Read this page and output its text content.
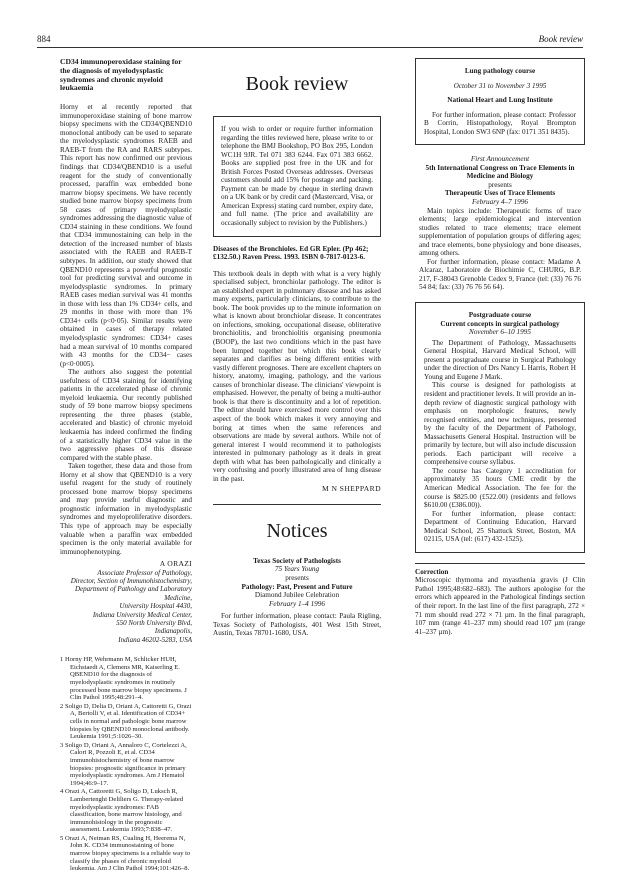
884	Book review
CD34 immunoperoxidase staining for the diagnosis of myelodysplastic syndromes and chronic myeloid leukaemia

Horny et al recently reported that immunoperoxidase staining of bone marrow biopsy specimens with the CD34/QBEND10 monoclonal antibody can be used to separate the myelodysplastic syndromes RAEB and RAEB-T from the RA and RARS subtypes. This report has now confirmed our previous findings that CD34/QBEND10 is a useful reagent for the study of conventionally processed, paraffin wax embedded bone marrow biopsy specimens. We have recently studied bone marrow biopsy specimens from 58 cases of primary myelodysplastic syndromes addressing the diagnostic value of CD34 staining in these conditions. We found that CD34 immunostaining can help in the detection of the increased number of blasts associated with the RAEB and RAEB-T subtypes. In addition, our study showed that QBEND10 represents a powerful prognostic tool for predicting survival and outcome in myelodysplastic syndromes. In primary RAEB cases median survival was 41 months in those with less than 1% CD34+ cells, and 29 months in those with more than 1% CD34+ cells (p<0·05). Similar results were obtained in cases of therapy related myelodysplastic syndromes: CD34+ cases had a mean survival of 10 months compared with 43 months for the CD34− cases (p<0·0005).

The authors also suggest the potential usefulness of CD34 staining for identifying patients in the accelerated phase of chronic myeloid leukaemia. Our recently published study of 59 bone marrow biopsy specimens representing the three phases (stable, accelerated and blastic) of chronic myeloid leukaemia has indeed confirmed the finding of a statistically higher CD34 value in the two aggressive phases of this disease compared with the stable phase.

Taken together, these data and those from Horny et al show that QBEND10 is a very useful reagent for the study of routinely processed bone marrow biopsy specimens and may provide useful diagnostic and prognostic information in myelodysplastic syndromes and myeloproliferative disorders. This type of approach may be especially valuable when a paraffin wax embedded specimen is the only material available for immunophenotyping.

A ORAZI
Associate Professor of Pathology,
Director, Section of Immunohistochemistry,
Department of Pathology and Laboratory Medicine,
University Hospital 4430,
Indiana University Medical Center,
550 North University Blvd,
Indianapolis,
Indiana 46202-5283, USA
1 Horny HP, Wehrmann M, Schlicker HUH, Eichstaedt A, Clemens MR, Kaiserling E. QBEND10 for the diagnosis of myelodysplastic syndromes in routinely processed bone marrow biopsy specimens. J Clin Pathol 1995;48:291–4.
2 Soligo D, Delia D, Oriani A, Cattoretti G, Orazi A, Bertolli V, et al. Identification of CD34+ cells in normal and pathologic bone marrow biopsies by QBEND10 monoclonal antibody. Leukemia 1991;5:1026–30.
3 Soligo D, Oriani A, Annaloro C, Cortelezzi A, Calori R, Pozzoli E, et al. CD34 immunohistochemistry of bone marrow biopsies: prognostic significance in primary myelodysplastic syndromes. Am J Hematol 1994;46:9–17.
4 Orazi A, Cattoretti G, Soligo D, Luksch R, Lambertenghi Deliliers G. Therapy-related myelodysplastic syndromes: FAB classification, bone marrow histology, and immunohistology in the prognostic assessment. Leukemia 1993;7:838–47.
5 Orazi A, Neiman RS, Cualing H, Heerema N, John K. CD34 immunostaining of bone marrow biopsy specimens is a reliable way to classify the phases of chronic myeloid leukemia. Am J Clin Pathol 1994;101:426–8.
Book review
If you wish to order or require further information regarding the titles reviewed here, please write to or telephone the BMJ Bookshop, PO Box 295, London WC1H 9JR. Tel 071 383 6244. Fax 071 383 6662. Books are supplied post free in the UK and for British Forces Posted Overseas addresses. Overseas customers should add 15% for postage and packing. Payment can be made by cheque in sterling drawn on a UK bank or by credit card (Mastercard, Visa, or American Express) stating card number, expiry date, and full name. (The price and availability are occasionally subject to revision by the Publishers.)
Diseases of the Bronchioles. Ed GR Epler. (Pp 462; £132.50.) Raven Press. 1993. ISBN 0-7817-0123-6.

This textbook deals in depth with what is a very highly specialised subject, bronchiolar pathology. The editor is an established expert in pulmonary disease and has asked many experts, particularly clinicians, to contribute to the book. The book provides up to the minute information on what is known about bronchiolar disease. It concentrates on infections, smoking, occupational disease, obliterative bronchiolitis, and bronchiolitis organising pneumonia (BOOP), the last two conditions which in the past have been lumped together but which this book clearly separates and clarifies as being different entities with vastly different prognoses. There are excellent chapters on history, anatomy, imaging, pathology, and the various causes of bronchiolar disease. The clinicians' viewpoint is emphasised. However, the penalty of being a multi-author book is that there is discontinuity and a lot of repetition. The editor should have exercised more control over this aspect of the book which makes it very annoying and boring at times when the same references and observations are made by several authors. While not of general interest I would recommend it to pathologists interested in pulmonary pathology as it deals in great depth with what has been pathologically and clinically a very confusing and poorly illustrated area of lung disease in the past.

M N SHEPPARD
Notices
Texas Society of Pathologists
75 Years Young
presents
Pathology: Past, Present and Future
Diamond Jubilee Celebration
February 1–4 1996

For further information, please contact: Paula Rigling, Texas Society of Pathologists, 401 West 15th Street, Austin, Texas 78701-1680, USA.

Lung pathology course
October 31 to November 3 1995
National Heart and Lung Institute

For further information, please contact: Professor B Corrin, Histopathology, Royal Brompton Hospital, London SW3 6NP (fax: 0171 351 8435).

First Announcement
5th International Congress on Trace Elements in Medicine and Biology
presents
Therapeutic Uses of Trace Elements
February 4–7 1996

Main topics include: Therapeutic forms of trace elements; large epidemiological and intervention studies related to trace elements; trace element supplementation of population groups of differing ages; and trace elements, bone physiology and bone diseases, among others.

For further information, please contact: Madame A Alcaraz, Laboratoire de Biochimie C, CHURG, B.P. 217, F-38043 Grenoble Cedex 9, France (tel: (33) 76 76 54 84; fax: (33) 76 76 56 64).

Postgraduate course
Current concepts in surgical pathology
November 6–10 1995

The Department of Pathology, Massachusetts General Hospital, Harvard Medical School, will present a postgraduate course in Surgical Pathology under the direction of Drs Nancy L Harris, Robert H Young and Eugene J Mark.

This course is designed for pathologists at resident and practitioner levels. It will provide an in-depth review of diagnostic surgical pathology with emphasis on morphologic features, newly recognised entities, and new techniques, presented by the faculty of the Department of Pathology, Massachusetts General Hospital. Instruction will be primarily by lecture, but will also include discussion periods. Each participant will receive a comprehensive course syllabus.

The course has Category 1 accreditation for approximately 35 hours CME credit by the American Medical Association. The fee for the course is $825.00 (£522.00) (residents and fellows $610.00 (£386.00)).

For further information, please contact: Department of Continuing Education, Harvard Medical School, 25 Shattuck Street, Boston, MA 02115, USA (tel: (617) 432-1525).

Correction

Microscopic thymoma and myasthenia gravis (J Clin Pathol 1995;48:682–683). The authors apologise for the errors which appeared in the Pathological findings section of their report. In the last line of the first paragraph, 272 × 71 mm should read 272 × 71 µm. In the final paragraph, 107 mm (range 41–237 mm) should read 107 µm (range 41–237 µm).
